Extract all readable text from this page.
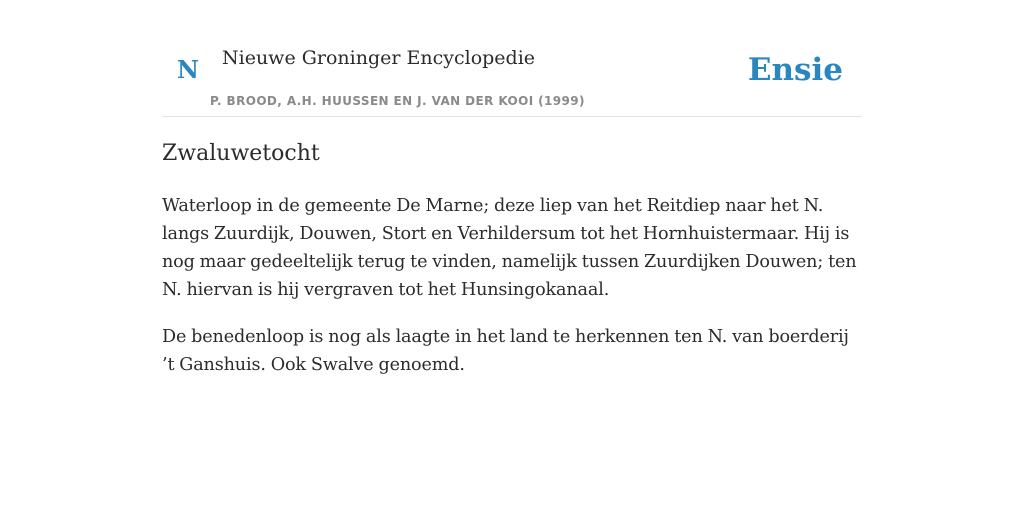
N Nieuwe Groninger Encyclopedie
P. BROOD, A.H. HUUSSEN EN J. VAN DER KOOI (1999)
Ensie
Zwaluwetocht

Waterloop in de gemeente De Marne; deze liep van het Reitdiep naar het N. langs Zuurdijk, Douwen, Stort en Verhildersum tot het Hornhuistermaar. Hij is nog maar gedeeltelijk terug te vinden, namelijk tussen Zuurdijken Douwen; ten N. hiervan is hij vergraven tot het Hunsingokanaal.

De benedenloop is nog als laagte in het land te herkennen ten N. van boerderij ’t Ganshuis. Ook Swalve genoemd.
